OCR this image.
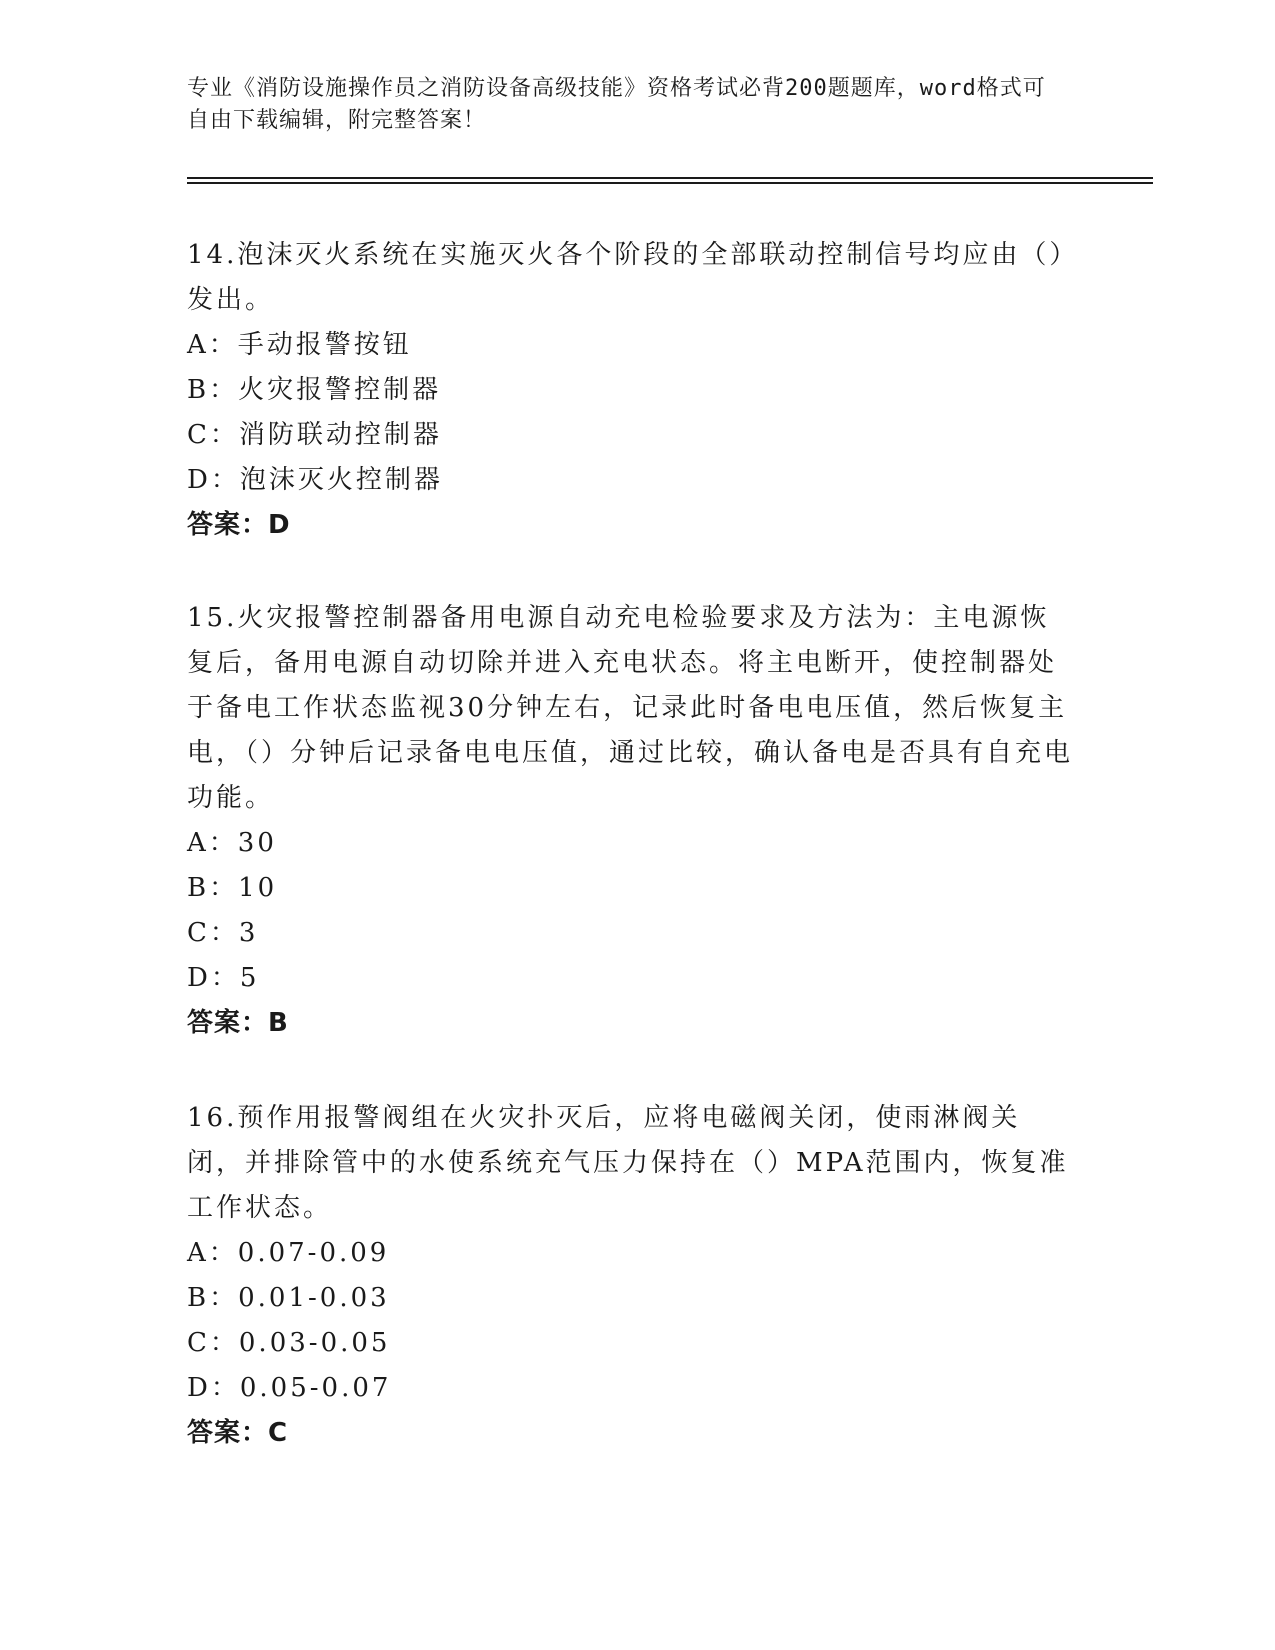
专业《消防设施操作员之消防设备高级技能》资格考试必背200题题库，word格式可自由下载编辑，附完整答案！

14.泡沫灭火系统在实施灭火各个阶段的全部联动控制信号均应由（）发出。

A：手动报警按钮

B：火灾报警控制器

C：消防联动控制器

D：泡沫灭火控制器

答案：D

15.火灾报警控制器备用电源自动充电检验要求及方法为：主电源恢复后，备用电源自动切除并进入充电状态。将主电断开，使控制器处于备电工作状态监视30分钟左右，记录此时备电电压值，然后恢复主电，（）分钟后记录备电电压值，通过比较，确认备电是否具有自充电功能。

A：30

B：10

C：3

D：5

答案：B

16.预作用报警阀组在火灾扑灭后，应将电磁阀关闭，使雨淋阀关闭，并排除管中的水使系统充气压力保持在（）MPA范围内，恢复准工作状态。

A：0.07-0.09

B：0.01-0.03

C：0.03-0.05

D：0.05-0.07

答案：C
